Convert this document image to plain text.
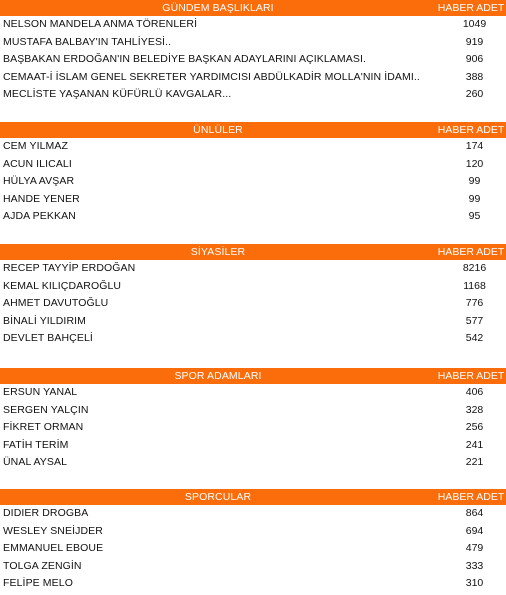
GÜNDEM BAŞLIKLARI	HABER ADET
NELSON MANDELA ANMA TÖRENLERİ	1049
MUSTAFA BALBAY'IN TAHLİYESİ..	919
BAŞBAKAN ERDOĞAN'IN BELEDİYE BAŞKAN ADAYLARINI AÇIKLAMASI.	906
CEMAAT-İ İSLAM GENEL SEKRETER YARDIMCISI ABDÜLKADİR MOLLA'NIN İDAMI..	388
MECLİSTE YAŞANAN KÜFÜRLÜ KAVGALAR...	260
ÜNLÜLER	HABER ADET
CEM YILMAZ	174
ACUN ILICALI	120
HÜLYA AVŞAR	99
HANDE YENER	99
AJDA PEKKAN	95
SİYASİLER	HABER ADET
RECEP TAYYİP ERDOĞAN	8216
KEMAL KILIÇDAROĞLU	1168
AHMET DAVUTOĞLU	776
BİNALİ YILDIRIM	577
DEVLET BAHÇELİ	542
SPOR ADAMLARI	HABER ADET
ERSUN YANAL	406
SERGEN YALÇIN	328
FİKRET ORMAN	256
FATİH TERİM	241
ÜNAL AYSAL	221
SPORCULAR	HABER ADET
DIDIER DROGBA	864
WESLEY SNEİJDER	694
EMMANUEL EBOUE	479
TOLGA ZENGİN	333
FELİPE MELO	310
